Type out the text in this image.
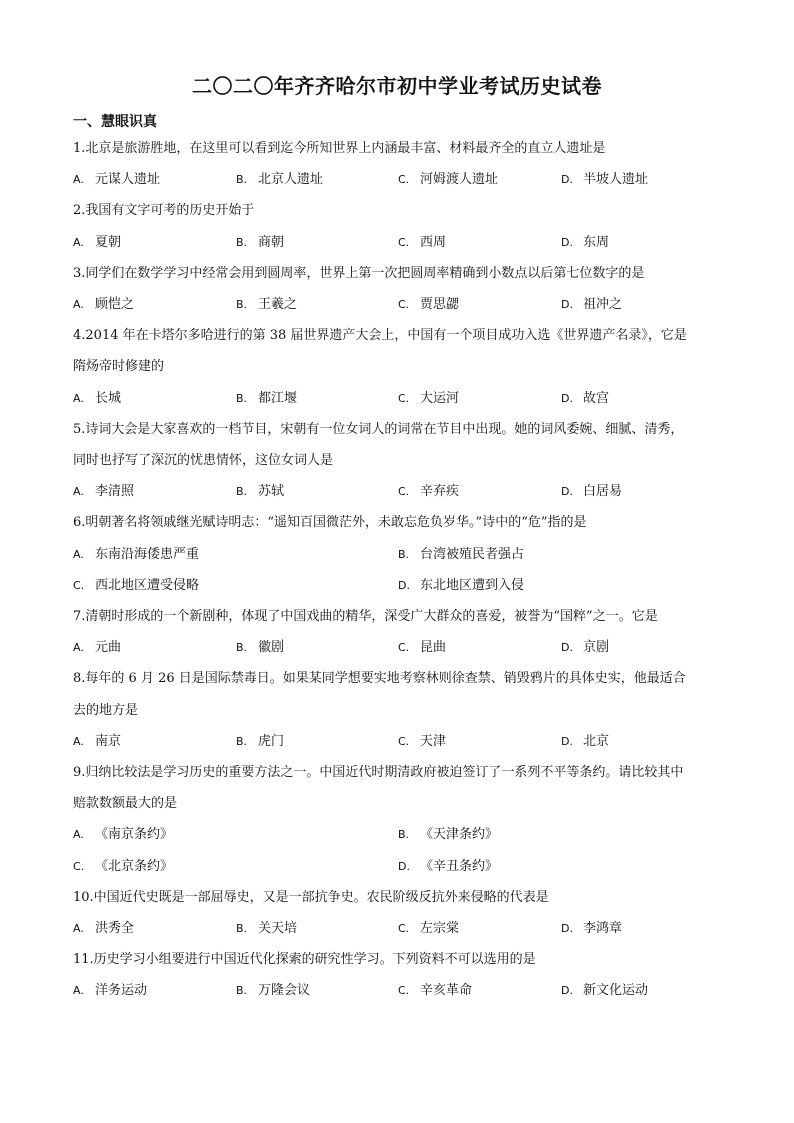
二〇二〇年齐齐哈尔市初中学业考试历史试卷
一、慧眼识真
1.北京是旅游胜地，在这里可以看到迄今所知世界上内涵最丰富、材料最齐全的直立人遗址是
A. 元谋人遗址	B. 北京人遗址	C. 河姆渡人遗址	D. 半坡人遗址
2.我国有文字可考的历史开始于
A. 夏朝	B. 商朝	C. 西周	D. 东周
3.同学们在数学学习中经常会用到圆周率，世界上第一次把圆周率精确到小数点以后第七位数字的是
A. 顾恺之	B. 王羲之	C. 贾思勰	D. 祖冲之
4.2014 年在卡塔尔多哈进行的第 38 届世界遗产大会上，中国有一个项目成功入选《世界遗产名录》，它是
隋炀帝时修建的
A. 长城	B. 都江堰	C. 大运河	D. 故宫
5.诗词大会是大家喜欢的一档节目，宋朝有一位女词人的词常在节目中出现。她的词风委婉、细腻、清秀，
同时也抒写了深沉的忧患情怀，这位女词人是
A. 李清照	B. 苏轼	C. 辛弃疾	D. 白居易
6.明朝著名将领戚继光赋诗明志：“遥知百国微茫外，未敢忘危负岁华。”诗中的“危”指的是
A. 东南沿海倭患严重	B. 台湾被殖民者强占
C. 西北地区遭受侵略	D. 东北地区遭到入侵
7.清朝时形成的一个新剧种，体现了中国戏曲的精华，深受广大群众的喜爱，被誉为“国粹”之一。它是
A. 元曲	B. 徽剧	C. 昆曲	D. 京剧
8.每年的 6 月 26 日是国际禁毒日。如果某同学想要实地考察林则徐查禁、销毁鸦片的具体史实，他最适合
去的地方是
A. 南京	B. 虎门	C. 天津	D. 北京
9.归纳比较法是学习历史的重要方法之一。中国近代时期清政府被迫签订了一系列不平等条约。请比较其中
赔款数额最大的是
A. 《南京条约》	B. 《天津条约》
C. 《北京条约》	D. 《辛丑条约》
10.中国近代史既是一部屈辱史，又是一部抗争史。农民阶级反抗外来侵略的代表是
A. 洪秀全	B. 关天培	C. 左宗棠	D. 李鸿章
11.历史学习小组要进行中国近代化探索的研究性学习。下列资料不可以选用的是
A. 洋务运动	B. 万隆会议	C. 辛亥革命	D. 新文化运动
